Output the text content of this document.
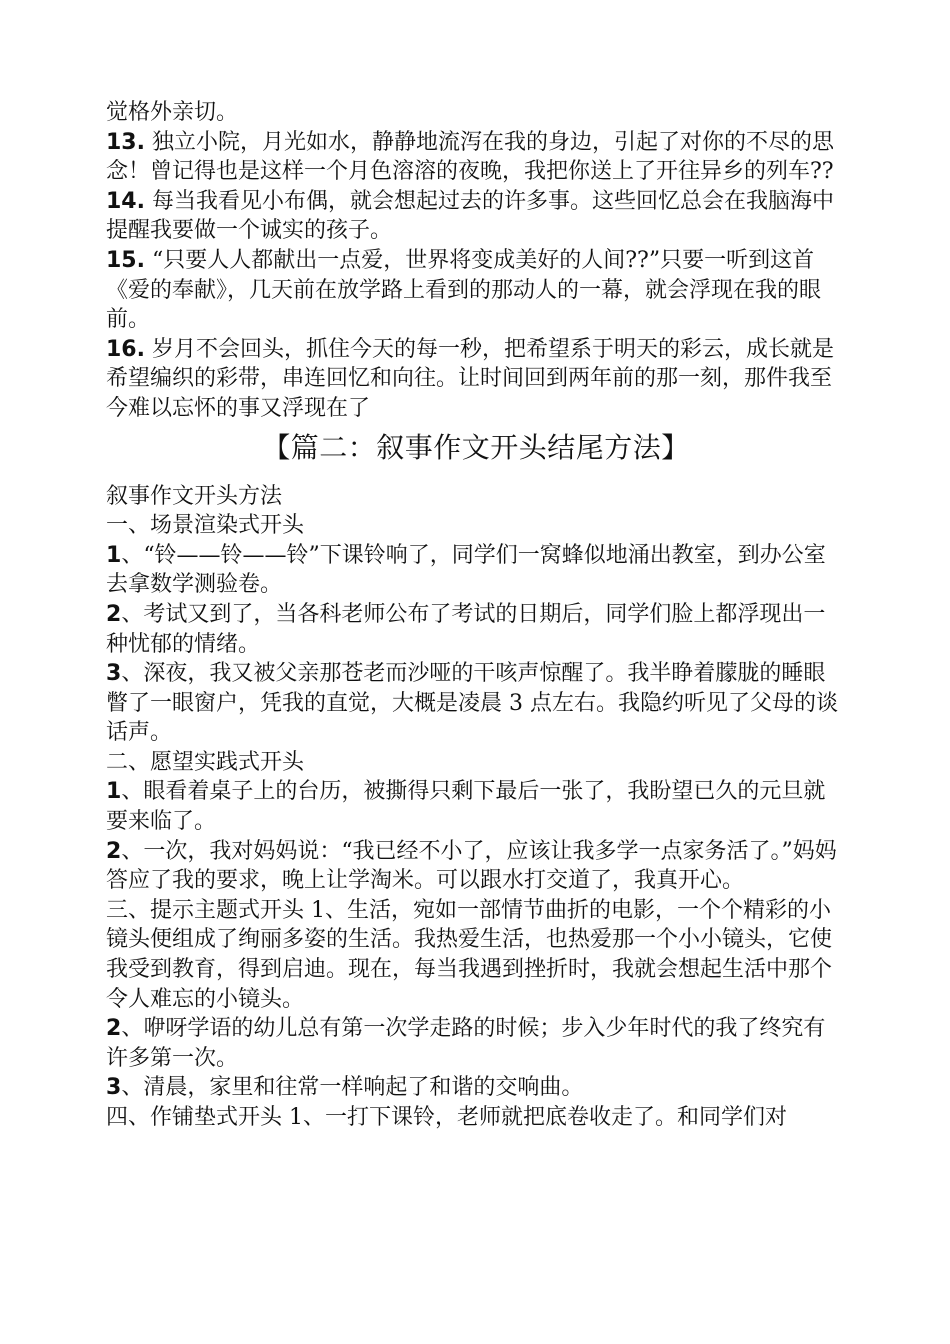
觉格外亲切。

13. 独立小院，月光如水，静静地流泻在我的身边，引起了对你的不尽的思念！曾记得也是这样一个月色溶溶的夜晚，我把你送上了开往异乡的列车??

14. 每当我看见小布偶，就会想起过去的许多事。这些回忆总会在我脑海中提醒我要做一个诚实的孩子。

15. “只要人人都献出一点爱，世界将变成美好的人间??”只要一听到这首《爱的奉献》，几天前在放学路上看到的那动人的一幕，就会浮现在我的眼前。

16. 岁月不会回头，抓住今天的每一秒，把希望系于明天的彩云，成长就是希望编织的彩带，串连回忆和向往。让时间回到两年前的那一刻，那件我至今难以忘怀的事又浮现在了

【篇二：叙事作文开头结尾方法】

叙事作文开头方法

一、场景渲染式开头

1、“铃——铃——铃”下课铃响了，同学们一窝蜂似地涌出教室，到办公室去拿数学测验卷。

2、考试又到了，当各科老师公布了考试的日期后，同学们脸上都浮现出一种忧郁的情绪。

3、深夜，我又被父亲那苍老而沙哑的干咳声惊醒了。我半睁着朦胧的睡眼瞥了一眼窗户，凭我的直觉，大概是凌晨 3 点左右。我隐约听见了父母的谈话声。

二、愿望实践式开头

1、眼看着桌子上的台历，被撕得只剩下最后一张了，我盼望已久的元旦就要来临了。

2、一次，我对妈妈说：“我已经不小了，应该让我多学一点家务活了。”妈妈答应了我的要求，晚上让学淘米。可以跟水打交道了，我真开心。

三、提示主题式开头 1、生活，宛如一部情节曲折的电影，一个个精彩的小镜头便组成了绚丽多姿的生活。我热爱生活，也热爱那一个小小镜头，它使我受到教育，得到启迪。现在，每当我遇到挫折时，我就会想起生活中那个令人难忘的小镜头。

2、咿呀学语的幼儿总有第一次学走路的时候；步入少年时代的我了终究有许多第一次。

3、清晨，家里和往常一样响起了和谐的交响曲。

四、作铺垫式开头 1、一打下课铃，老师就把底卷收走了。和同学们对
